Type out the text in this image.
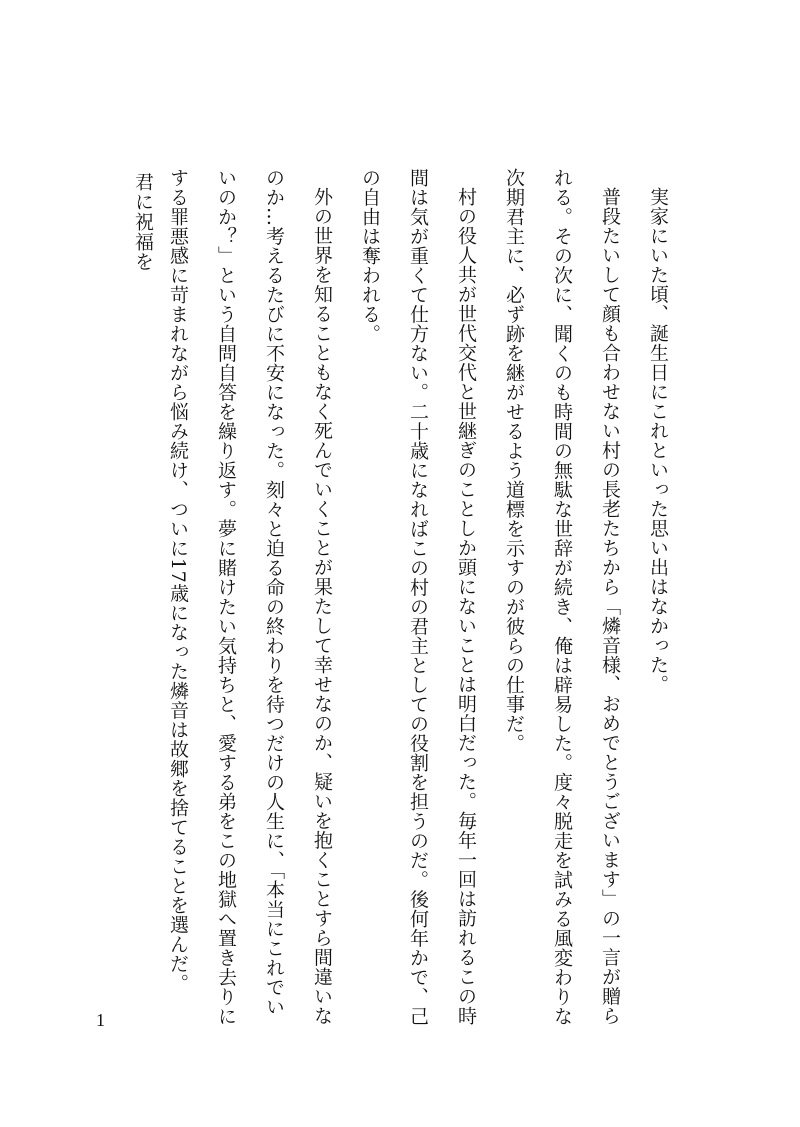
実家にいた頃、誕生日にこれといった思い出はなかった。

普段たいして顔も合わせない村の長老たちから「燐音様、おめでとうございます」の一言が贈られる。その次に、聞くのも時間の無駄な世辞が続き、俺は辟易した。度々脱走を試みる風変わりな次期君主に、必ず跡を継がせるよう道標を示すのが彼らの仕事だ。

村の役人共が世代交代と世継ぎのことしか頭にないことは明白だった。毎年一回は訪れるこの時間は気が重くて仕方ない。二十歳になればこの村の君主としての役割を担うのだ。後何年かで、己の自由は奪われる。

外の世界を知ることもなく死んでいくことが果たして幸せなのか、疑いを抱くことすら間違いなのか…考えるたびに不安になった。刻々と迫る命の終わりを待つだけの人生に、「本当にこれでいいのか？」という自問自答を繰り返す。夢に賭けたい気持ちと、愛する弟をこの地獄へ置き去りにする罪悪感に苛まれながら悩み続け、ついに17歳になった燐音は故郷を捨てることを選んだ。

君に祝福を
1
